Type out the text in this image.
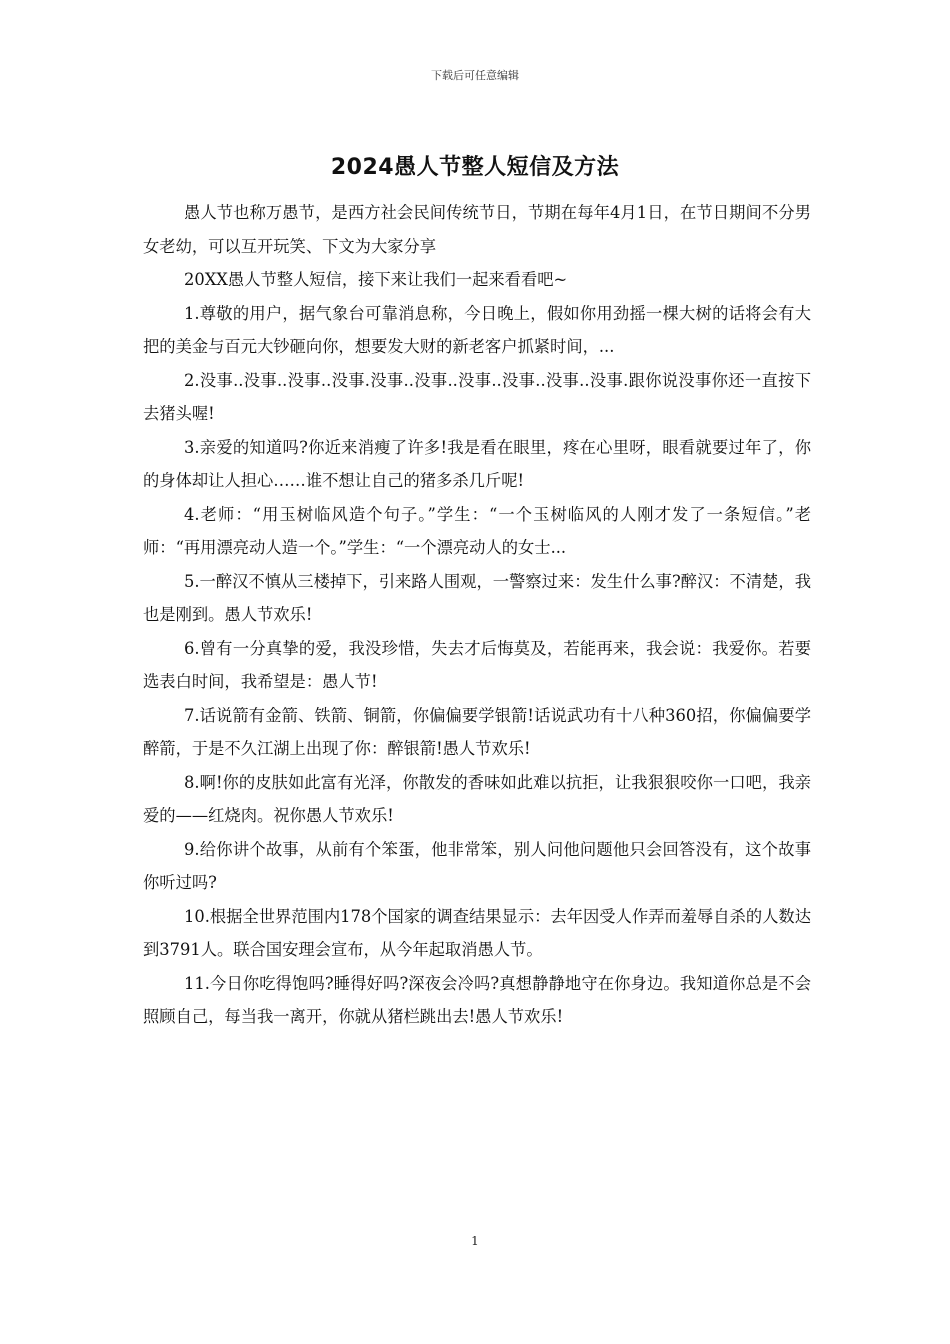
下载后可任意编辑
2024愚人节整人短信及方法

愚人节也称万愚节，是西方社会民间传统节日，节期在每年4月1日，在节日期间不分男女老幼，可以互开玩笑、下文为大家分享

20XX愚人节整人短信，接下来让我们一起来看看吧~

1.尊敬的用户，据气象台可靠消息称，今日晚上，假如你用劲摇一棵大树的话将会有大把的美金与百元大钞砸向你，想要发大财的新老客户抓紧时间，...

2.没事..没事..没事..没事.没事..没事..没事..没事..没事..没事.跟你说没事你还一直按下去猪头喔!

3.亲爱的知道吗?你近来消瘦了许多!我是看在眼里，疼在心里呀，眼看就要过年了，你的身体却让人担心……谁不想让自己的猪多杀几斤呢!

4.老师：“用玉树临风造个句子。”学生：“一个玉树临风的人刚才发了一条短信。”老师：“再用漂亮动人造一个。”学生：“一个漂亮动人的女士...

5.一醉汉不慎从三楼掉下，引来路人围观，一警察过来：发生什么事?醉汉：不清楚，我也是刚到。愚人节欢乐!

6.曾有一分真挚的爱，我没珍惜，失去才后悔莫及，若能再来，我会说：我爱你。若要选表白时间，我希望是：愚人节!

7.话说箭有金箭、铁箭、铜箭，你偏偏要学银箭!话说武功有十八种360招，你偏偏要学醉箭，于是不久江湖上出现了你：醉银箭!愚人节欢乐!

8.啊!你的皮肤如此富有光泽，你散发的香味如此难以抗拒，让我狠狠咬你一口吧，我亲爱的——红烧肉。祝你愚人节欢乐!

9.给你讲个故事，从前有个笨蛋，他非常笨，别人问他问题他只会回答没有，这个故事你听过吗?

10.根据全世界范围内178个国家的调查结果显示：去年因受人作弄而羞辱自杀的人数达到3791人。联合国安理会宣布，从今年起取消愚人节。

11.今日你吃得饱吗?睡得好吗?深夜会冷吗?真想静静地守在你身边。我知道你总是不会照顾自己，每当我一离开，你就从猪栏跳出去!愚人节欢乐!

1
